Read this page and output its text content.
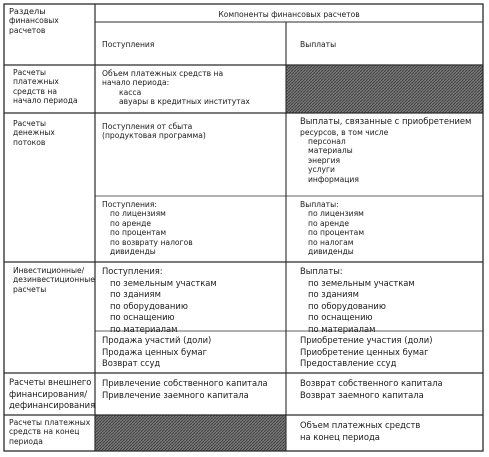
Разделы
финансовых
расчетов
Компоненты финансовых расчетов
Поступления	Выплаты
Расчеты
платежных
средств на
начало периода
Объем платежных средств на
начало периода:
касса
авуары в кредитных институтах
Расчеты
денежных
потоков
Поступления от сбыта
(продуктовая программа)
Выплаты, связанные с приобретением
ресурсов, в том числе
персонал
материалы
энергия
услуги
информация
Поступления:
по лицензиям
по аренде
по процентам
по возврату налогов
дивиденды
Выплаты:
по лицензиям
по аренде
по процентам
по налогам
дивиденды
Инвестиционные/
дезинвестиционные
расчеты
Поступления:
по земельным участкам
по зданиям
по оборудованию
по оснащению
по материалам
Выплаты:
по земельным участкам
по зданиям
по оборудованию
по оснащению
по материалам
Продажа участий (доли)
Продажа ценных бумаг
Возврат ссуд
Приобретение участия (доли)
Приобретение ценных бумаг
Предоставление ссуд
Расчеты внешнего
финансирования/
дефинансирования
Привлечение собственного капитала
Привлечение заемного капитала
Возврат собственного капитала
Возврат заемного капитала
Расчеты платежных
средств на конец
периода
Объем платежных средств
на конец периода
